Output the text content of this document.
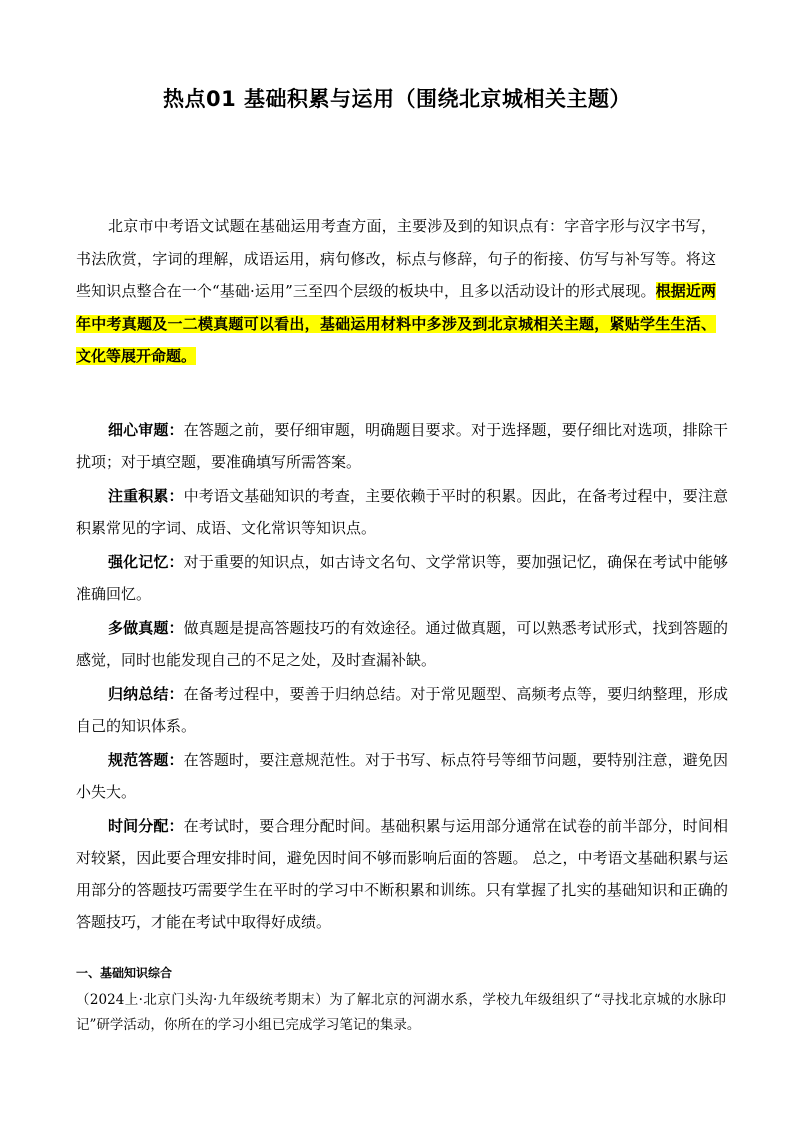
热点01 基础积累与运用（围绕北京城相关主题）

北京市中考语文试题在基础运用考查方面，主要涉及到的知识点有：字音字形与汉字书写，书法欣赏，字词的理解，成语运用，病句修改，标点与修辞，句子的衔接、仿写与补写等。将这些知识点整合在一个“基础·运用”三至四个层级的板块中，且多以活动设计的形式展现。根据近两年中考真题及一二模真题可以看出，基础运用材料中多涉及到北京城相关主题，紧贴学生生活、文化等展开命题。

细心审题：在答题之前，要仔细审题，明确题目要求。对于选择题，要仔细比对选项，排除干扰项；对于填空题，要准确填写所需答案。

注重积累：中考语文基础知识的考查，主要依赖于平时的积累。因此，在备考过程中，要注意积累常见的字词、成语、文化常识等知识点。

强化记忆：对于重要的知识点，如古诗文名句、文学常识等，要加强记忆，确保在考试中能够准确回忆。

多做真题：做真题是提高答题技巧的有效途径。通过做真题，可以熟悉考试形式，找到答题的感觉，同时也能发现自己的不足之处，及时查漏补缺。

归纳总结：在备考过程中，要善于归纳总结。对于常见题型、高频考点等，要归纳整理，形成自己的知识体系。

规范答题：在答题时，要注意规范性。对于书写、标点符号等细节问题，要特别注意，避免因小失大。

时间分配：在考试时，要合理分配时间。基础积累与运用部分通常在试卷的前半部分，时间相对较紧，因此要合理安排时间，避免因时间不够而影响后面的答题。 总之，中考语文基础积累与运用部分的答题技巧需要学生在平时的学习中不断积累和训练。只有掌握了扎实的基础知识和正确的答题技巧，才能在考试中取得好成绩。

一、基础知识综合

（2024上·北京门头沟·九年级统考期末）为了解北京的河湖水系，学校九年级组织了“寻找北京城的水脉印记”研学活动，你所在的学习小组已完成学习笔记的集录。
